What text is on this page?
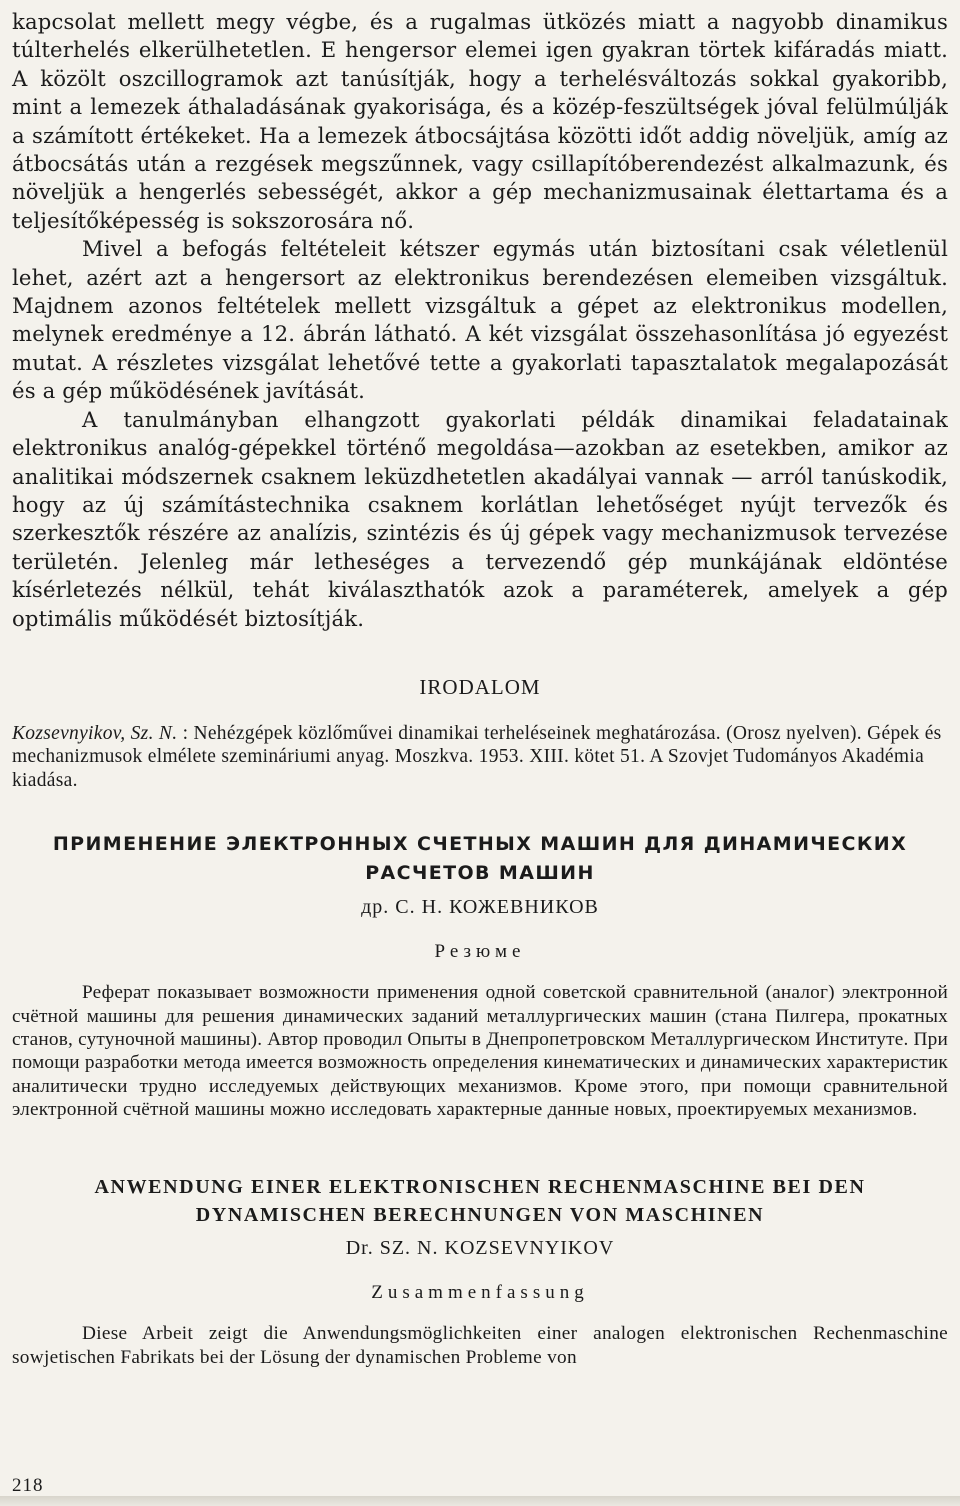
kapcsolat mellett megy végbe, és a rugalmas ütközés miatt a nagyobb dinamikus túlterhelés elkerülhetetlen. E hengersor elemei igen gyakran törtek kifáradás miatt. A közölt oszcillogramok azt tanúsítják, hogy a terhelésváltozás sokkal gyakoribb, mint a lemezek áthaladásának gyakorisága, és a közép-feszültségek jóval felülmúlják a számított értékeket. Ha a lemezek átbocsájtása közötti időt addig növeljük, amíg az átbocsátás után a rezgések megszűnnek, vagy csillapítóberendezést alkalmazunk, és növeljük a hengerlés sebességét, akkor a gép mechanizmusainak élettartama és a teljesítőképesség is sokszorosára nő.

Mivel a befogás feltételeit kétszer egymás után biztosítani csak véletlenül lehet, azért azt a hengersort az elektronikus berendezésen elemeiben vizsgáltuk. Majdnem azonos feltételek mellett vizsgáltuk a gépet az elektronikus modellen, melynek eredménye a 12. ábrán látható. A két vizsgálat összehasonlítása jó egyezést mutat. A részletes vizsgálat lehetővé tette a gyakorlati tapasztalatok megalapozását és a gép működésének javítását.

A tanulmányban elhangzott gyakorlati példák dinamikai feladatainak elektronikus analóg-gépekkel történő megoldása—azokban az esetekben, amikor az analitikai módszernek csaknem leküzdhetetlen akadályai vannak — arról tanúskodik, hogy az új számítástechnika csaknem korlátlan lehetőséget nyújt tervezők és szerkesztők részére az analízis, szintézis és új gépek vagy mechanizmusok tervezése területén. Jelenleg már letheséges a tervezendő gép munkájának eldöntése kísérletezés nélkül, tehát kiválaszthatók azok a paraméterek, amelyek a gép optimális működését biztosítják.

IRODALOM

Kozsevnyikov, Sz. N. : Nehézgépek közlőművei dinamikai terheléseinek meghatározása. (Orosz nyelven). Gépek és mechanizmusok elmélete szemináriumi anyag. Moszkva. 1953. XIII. kötet 51. A Szovjet Tudományos Akadémia kiadása.

ПРИМЕНЕНИЕ ЭЛЕКТРОННЫХ СЧЕТНЫХ МАШИН ДЛЯ ДИНАМИЧЕСКИХ
РАСЧЕТОВ МАШИН
др. С. Н. КОЖЕВНИКОВ
Резюме

Реферат показывает возможности применения одной советской сравнительной (аналог) электронной счётной машины для решения динамических заданий металлургических машин (стана Пилгера, прокатных станов, сутуночной машины). Автор проводил Опыты в Днепропетровском Металлургическом Институте. При помощи разработки метода имеется возможность определения кинематических и динамических характеристик аналитически трудно исследуемых действующих механизмов. Кроме этого, при помощи сравнительной электронной счётной машины можно исследовать характерные данные новых, проектируемых механизмов.

ANWENDUNG EINER ELEKTRONISCHEN RECHENMASCHINE BEI DEN
DYNAMISCHEN BERECHNUNGEN VON MASCHINEN
Dr. SZ. N. KOZSEVNYIKOV
Zusammenfassung

Diese Arbeit zeigt die Anwendungsmöglichkeiten einer analogen elektronischen Rechenmaschine sowjetischen Fabrikats bei der Lösung der dynamischen Probleme von

218
